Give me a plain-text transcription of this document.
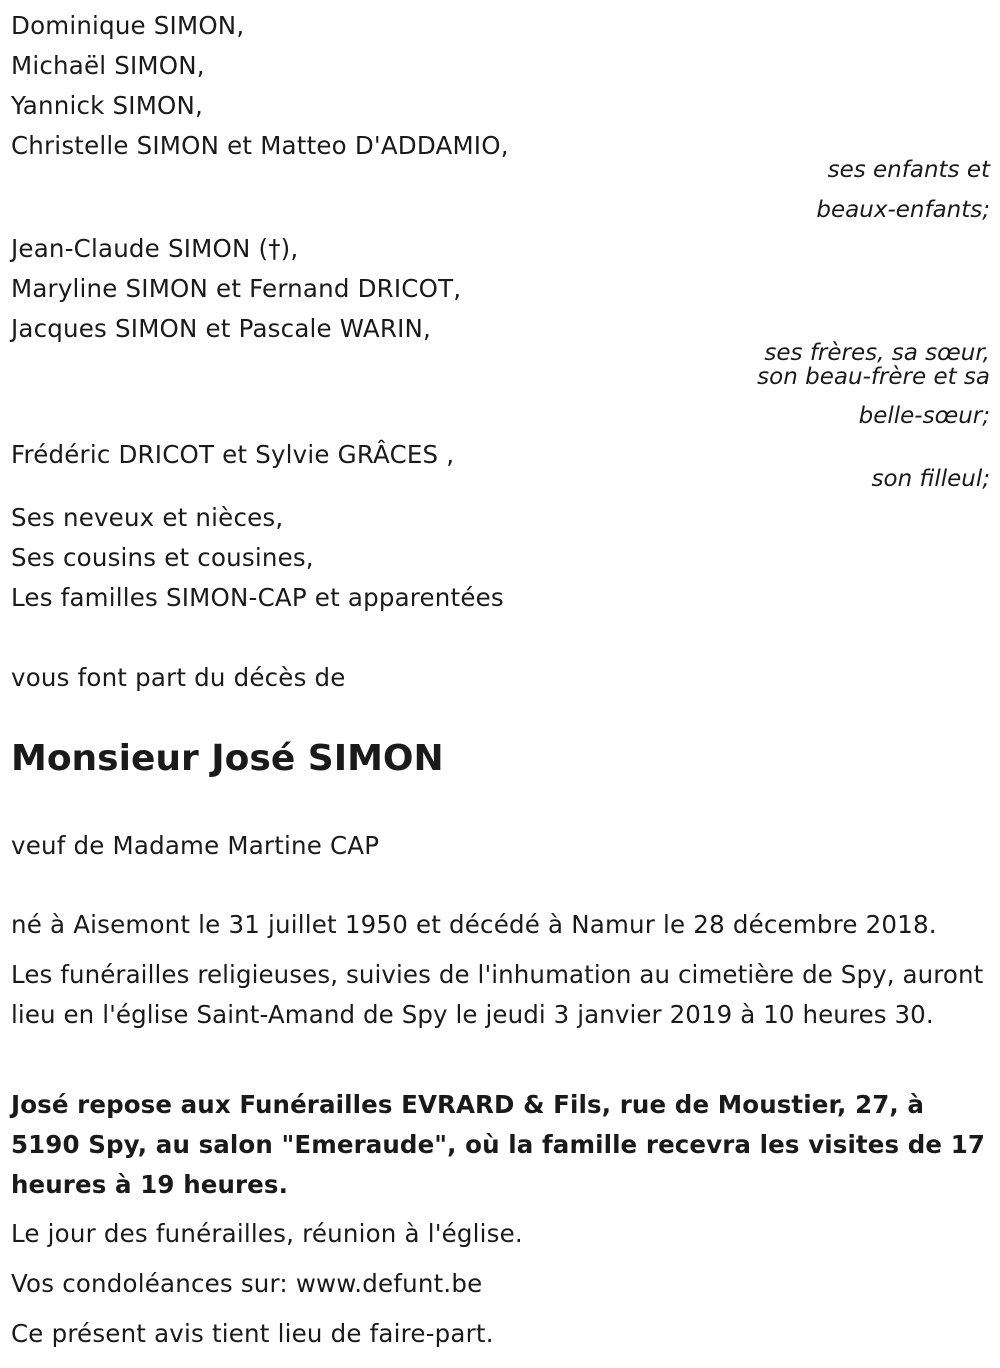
Dominique SIMON,
Michaël SIMON,
Yannick SIMON,
Christelle SIMON et Matteo D'ADDAMIO,
ses enfants et
beaux-enfants;
Jean-Claude SIMON (†),
Maryline SIMON et Fernand DRICOT,
Jacques SIMON et Pascale WARIN,
ses frères, sa sœur,
son beau-frère et sa
belle-sœur;
Frédéric DRICOT et Sylvie GRÂCES ,
son filleul;
Ses neveux et nièces,
Ses cousins et cousines,
Les familles SIMON-CAP et apparentées
vous font part du décès de
Monsieur José SIMON
veuf de Madame Martine CAP
né à Aisemont le 31 juillet 1950 et décédé à Namur le 28 décembre 2018.
Les funérailles religieuses, suivies de l'inhumation au cimetière de Spy, auront lieu en l'église Saint-Amand de Spy le jeudi 3 janvier 2019 à 10 heures 30.
José repose aux Funérailles EVRARD & Fils, rue de Moustier, 27, à 5190 Spy, au salon "Emeraude", où la famille recevra les visites de 17 heures à 19 heures.
Le jour des funérailles, réunion à l'église.
Vos condoléances sur: www.defunt.be
Ce présent avis tient lieu de faire-part.
